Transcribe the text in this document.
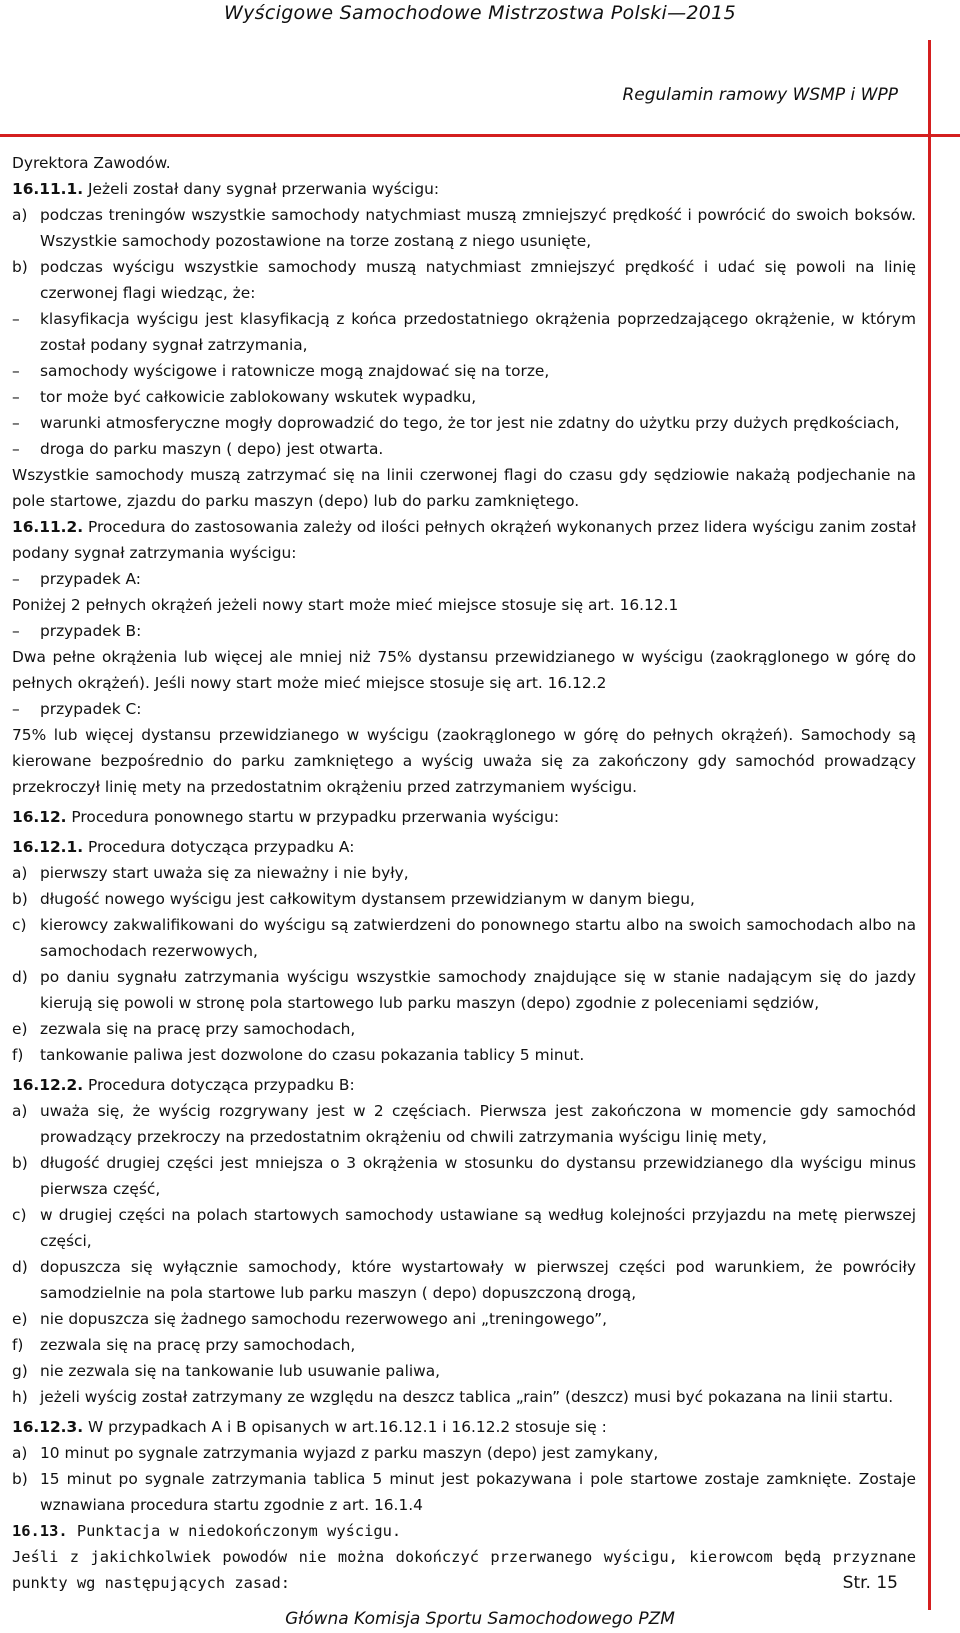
Wyścigowe Samochodowe Mistrzostwa Polski—2015
Regulamin ramowy WSMP i WPP

Dyrektora Zawodów.

16.11.1. Jeżeli został dany sygnał przerwania wyścigu:

a) podczas treningów wszystkie samochody natychmiast muszą zmniejszyć prędkość i powrócić do swoich boksów. Wszystkie samochody pozostawione na torze zostaną z niego usunięte,
b) podczas wyścigu wszystkie samochody muszą natychmiast zmniejszyć prędkość i udać się powoli na linię czerwonej flagi wiedząc, że:
– klasyfikacja wyścigu jest klasyfikacją z końca przedostatniego okrążenia poprzedzającego okrążenie, w którym został podany sygnał zatrzymania,
– samochody wyścigowe i ratownicze mogą znajdować się na torze,
– tor może być całkowicie zablokowany wskutek wypadku,
– warunki atmosferyczne mogły doprowadzić do tego, że tor jest nie zdatny do użytku przy dużych prędkościach,
– droga do parku maszyn ( depo) jest otwarta.

Wszystkie samochody muszą zatrzymać się na linii czerwonej flagi do czasu gdy sędziowie nakażą podjechanie na pole startowe, zjazdu do parku maszyn (depo) lub do parku zamkniętego.

16.11.2. Procedura do zastosowania zależy od ilości pełnych okrążeń wykonanych przez lidera wyścigu zanim został podany sygnał zatrzymania wyścigu:

– przypadek A:

Poniżej 2 pełnych okrążeń jeżeli nowy start może mieć miejsce stosuje się art. 16.12.1

– przypadek B:

Dwa pełne okrążenia lub więcej ale mniej niż 75% dystansu przewidzianego w wyścigu (zaokrąglonego w górę do pełnych okrążeń). Jeśli nowy start może mieć miejsce stosuje się art. 16.12.2

– przypadek C:

75% lub więcej dystansu przewidzianego w wyścigu (zaokrąglonego w górę do pełnych okrążeń). Samochody są kierowane bezpośrednio do parku zamkniętego a wyścig uważa się za zakończony gdy samochód prowadzący przekroczył linię mety na przedostatnim okrążeniu przed zatrzymaniem wyścigu.

16.12. Procedura ponownego startu w przypadku przerwania wyścigu:

16.12.1. Procedura dotycząca przypadku A:

a) pierwszy start uważa się za nieważny i nie były,
b) długość nowego wyścigu jest całkowitym dystansem przewidzianym w danym biegu,
c) kierowcy zakwalifikowani do wyścigu są zatwierdzeni do ponownego startu albo na swoich samochodach albo na samochodach rezerwowych,
d) po daniu sygnału zatrzymania wyścigu wszystkie samochody znajdujące się w stanie nadającym się do jazdy kierują się powoli w stronę pola startowego lub parku maszyn (depo) zgodnie z poleceniami sędziów,
e) zezwala się na pracę przy samochodach,
f) tankowanie paliwa jest dozwolone do czasu pokazania tablicy 5 minut.

16.12.2. Procedura dotycząca przypadku B:

a) uważa się, że wyścig rozgrywany jest w 2 częściach. Pierwsza jest zakończona w momencie gdy samochód prowadzący przekroczy na przedostatnim okrążeniu od chwili zatrzymania wyścigu linię mety,
b) długość drugiej części jest mniejsza o 3 okrążenia w stosunku do dystansu przewidzianego dla wyścigu minus pierwsza część,
c) w drugiej części na polach startowych samochody ustawiane są według kolejności przyjazdu na metę pierwszej części,
d) dopuszcza się wyłącznie samochody, które wystartowały w pierwszej części pod warunkiem, że powróciły samodzielnie na pola startowe lub parku maszyn ( depo) dopuszczoną drogą,
e) nie dopuszcza się żadnego samochodu rezerwowego ani „treningowego”,
f) zezwala się na pracę przy samochodach,
g) nie zezwala się na tankowanie lub usuwanie paliwa,
h) jeżeli wyścig został zatrzymany ze względu na deszcz tablica „rain” (deszcz) musi być pokazana na linii startu.

16.12.3. W przypadkach A i B opisanych w art.16.12.1 i 16.12.2 stosuje się :

a) 10 minut po sygnale zatrzymania wyjazd z parku maszyn (depo) jest zamykany,
b) 15 minut po sygnale zatrzymania tablica 5 minut jest pokazywana i pole startowe zostaje zamknięte. Zostaje wznawiana procedura startu zgodnie z art. 16.1.4

16.13. Punktacja w niedokończonym wyścigu.

Jeśli z jakichkolwiek powodów nie można dokończyć przerwanego wyścigu, kierowcom będą przyznane punkty wg następujących zasad:	Str. 15
Główna Komisja Sportu Samochodowego PZM
